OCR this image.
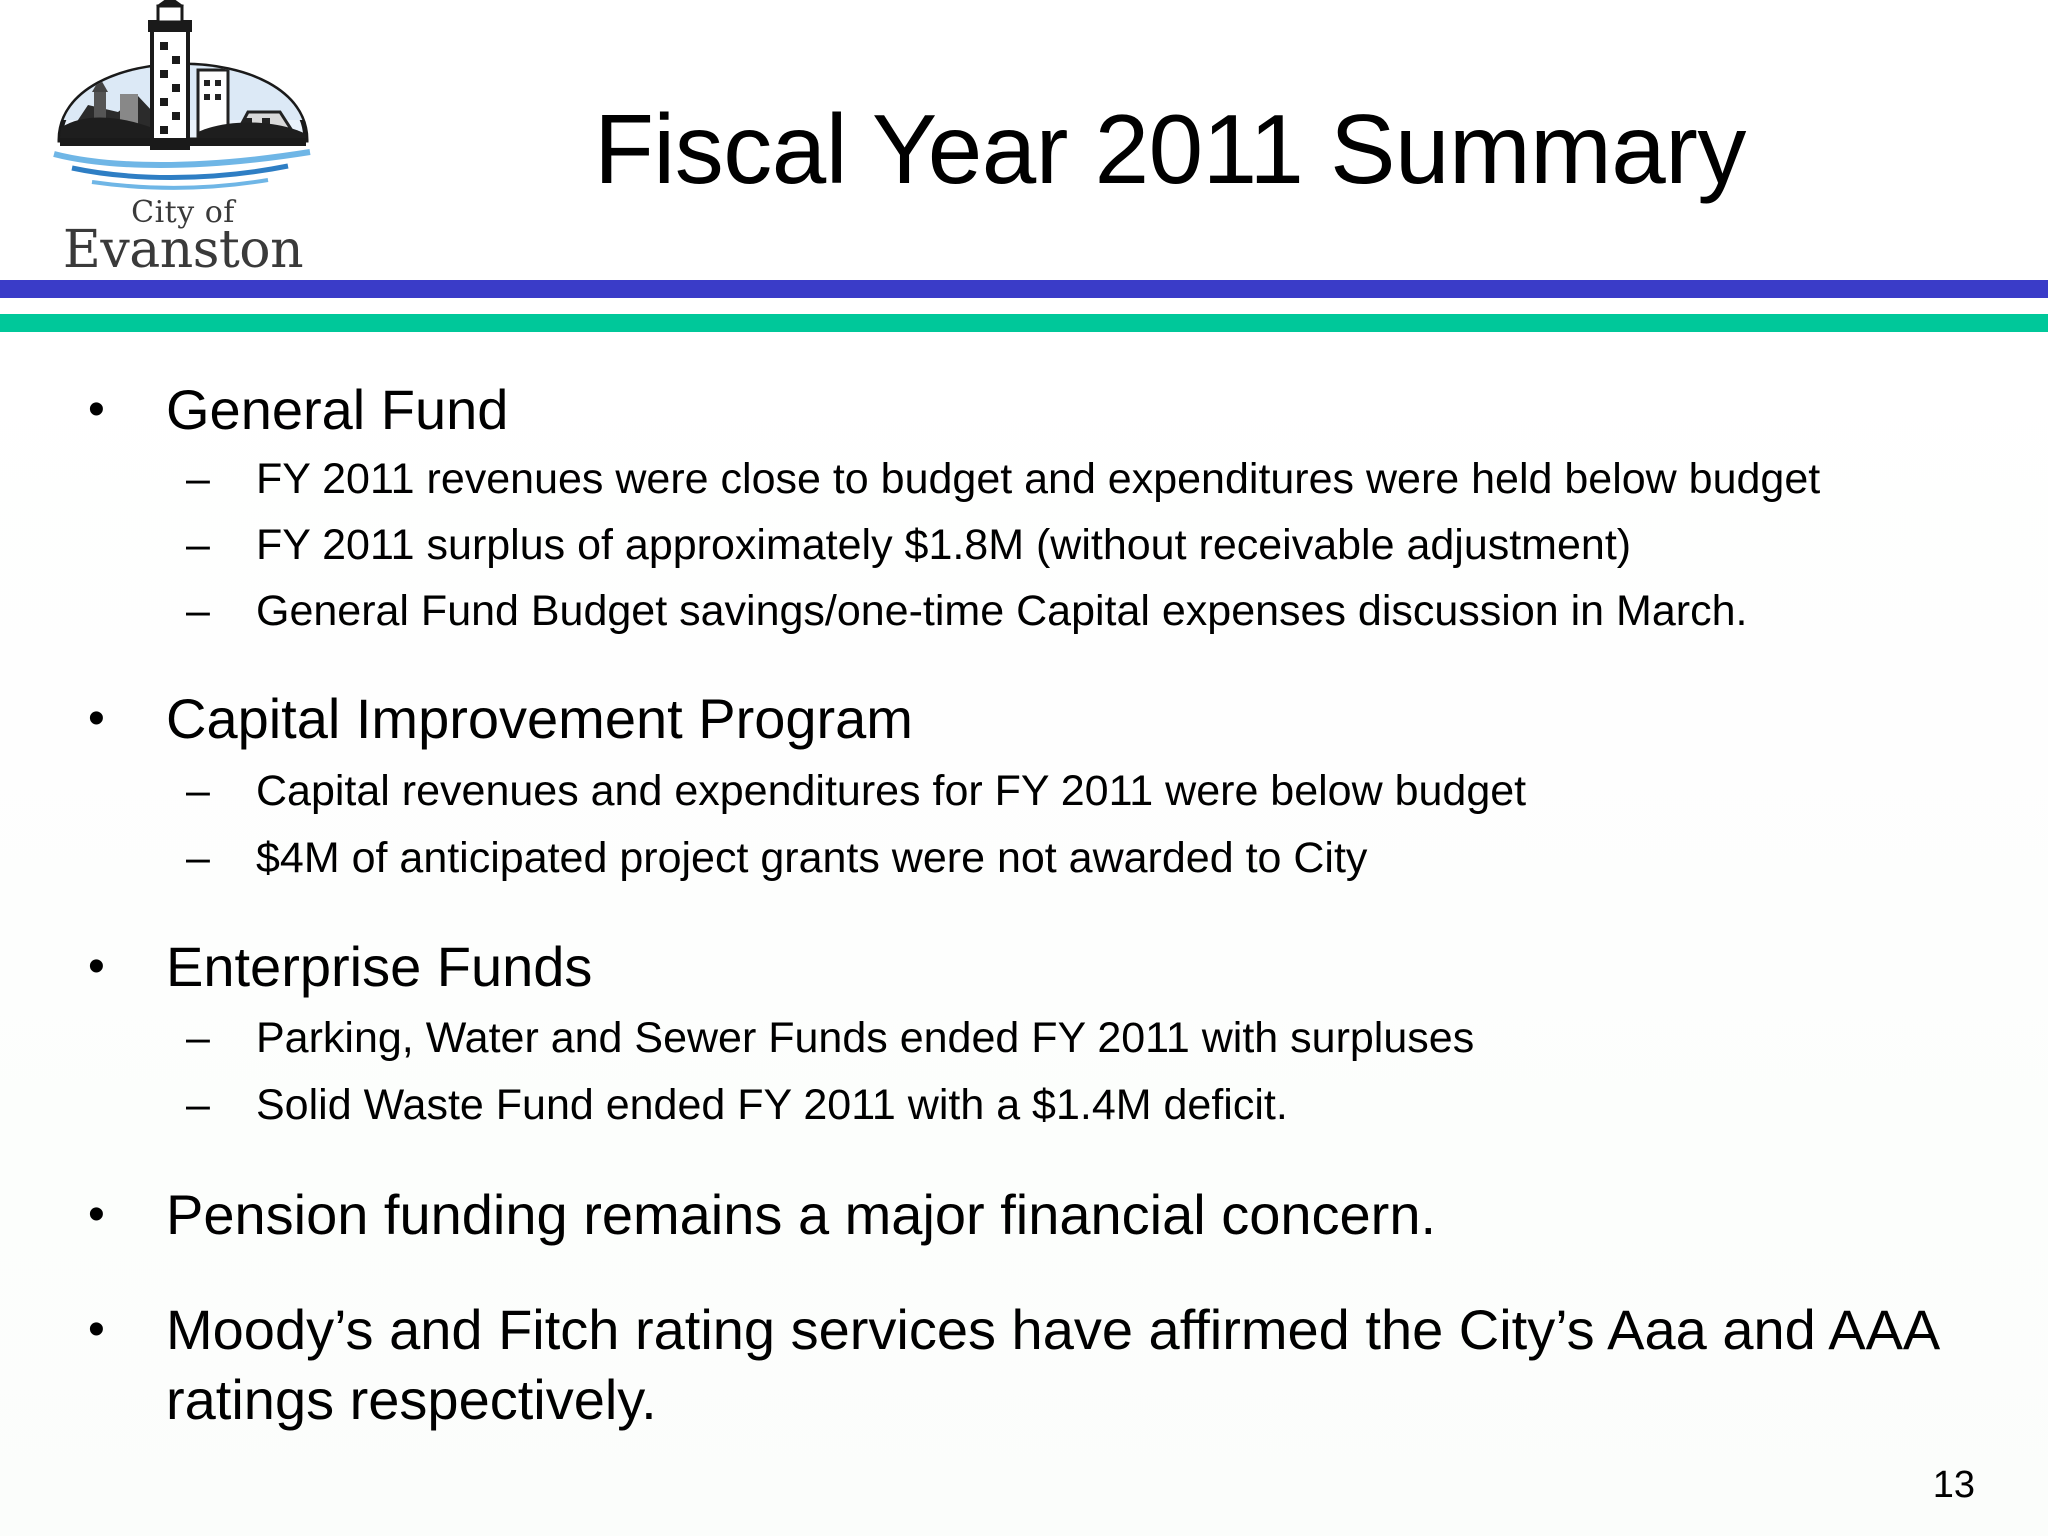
City of
Evanston
Fiscal Year 2011 Summary
• General Fund
– FY 2011 revenues were close to budget and expenditures were held below budget
– FY 2011 surplus of approximately $1.8M (without receivable adjustment)
– General Fund Budget savings/one-time Capital expenses discussion in March.
• Capital Improvement Program
– Capital revenues and expenditures for FY 2011 were below budget
– $4M of anticipated project grants were not awarded to City
• Enterprise Funds
– Parking, Water and Sewer Funds ended FY 2011 with surpluses
– Solid Waste Fund ended FY 2011 with a $1.4M deficit.
• Pension funding remains a major financial concern.
• Moody’s and Fitch rating services have affirmed the City’s Aaa and AAA ratings respectively.
13
